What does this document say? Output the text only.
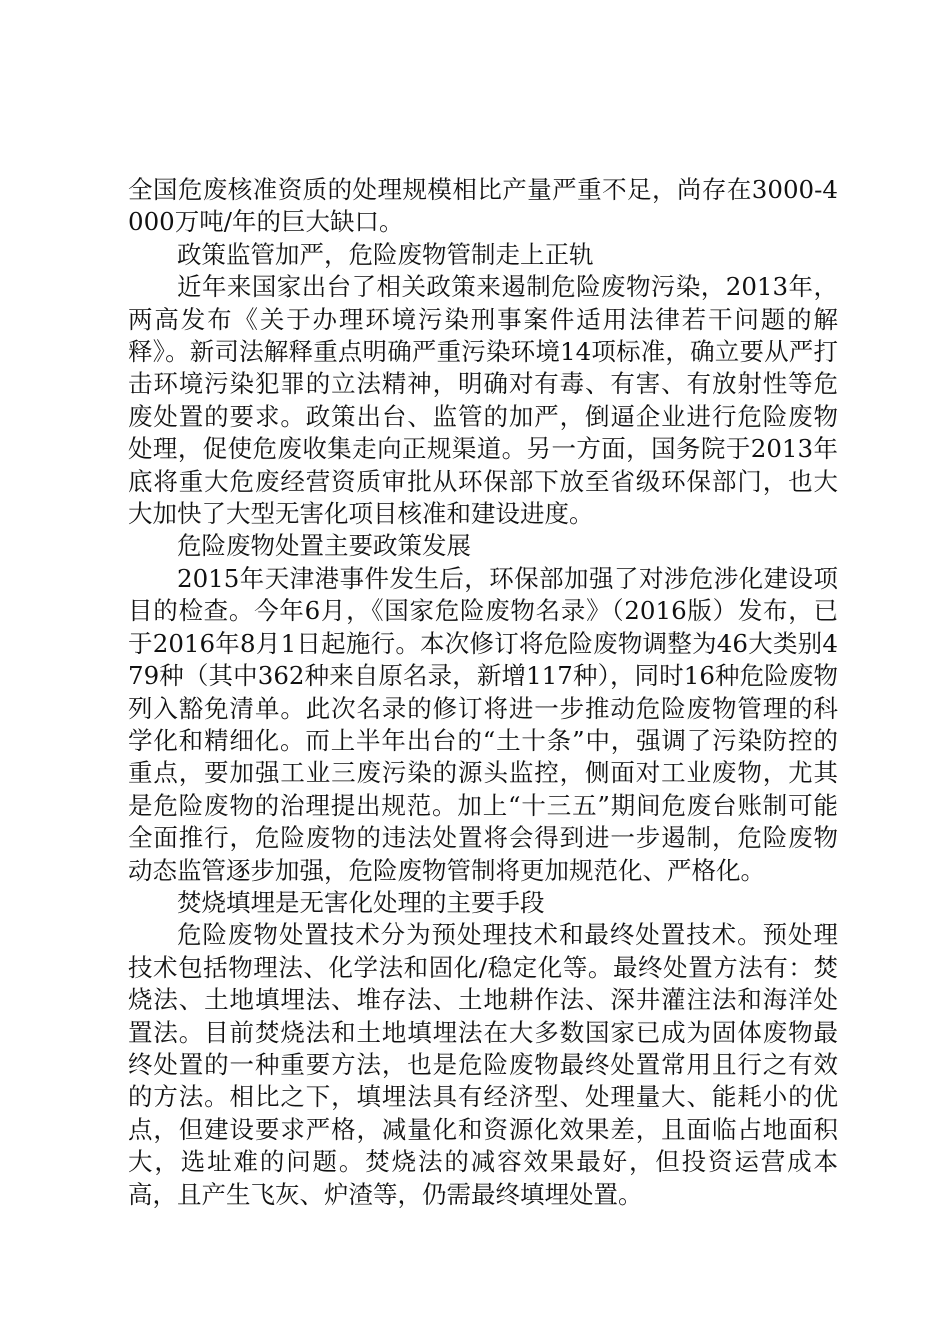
全国危废核准资质的处理规模相比产量严重不足，尚存在3000-4000万吨/年的巨大缺口。

政策监管加严，危险废物管制走上正轨

近年来国家出台了相关政策来遏制危险废物污染，2013年，两高发布《关于办理环境污染刑事案件适用法律若干问题的解释》。新司法解释重点明确严重污染环境14项标准，确立要从严打击环境污染犯罪的立法精神，明确对有毒、有害、有放射性等危废处置的要求。政策出台、监管的加严，倒逼企业进行危险废物处理，促使危废收集走向正规渠道。另一方面，国务院于2013年底将重大危废经营资质审批从环保部下放至省级环保部门，也大大加快了大型无害化项目核准和建设进度。

危险废物处置主要政策发展

2015年天津港事件发生后，环保部加强了对涉危涉化建设项目的检查。今年6月，《国家危险废物名录》（2016版）发布，已于2016年8月1日起施行。本次修订将危险废物调整为46大类别479种（其中362种来自原名录，新增117种），同时16种危险废物列入豁免清单。此次名录的修订将进一步推动危险废物管理的科学化和精细化。而上半年出台的“土十条”中，强调了污染防控的重点，要加强工业三废污染的源头监控，侧面对工业废物，尤其是危险废物的治理提出规范。加上“十三五”期间危废台账制可能全面推行，危险废物的违法处置将会得到进一步遏制，危险废物动态监管逐步加强，危险废物管制将更加规范化、严格化。

焚烧填埋是无害化处理的主要手段

危险废物处置技术分为预处理技术和最终处置技术。预处理技术包括物理法、化学法和固化/稳定化等。最终处置方法有：焚烧法、土地填埋法、堆存法、土地耕作法、深井灌注法和海洋处置法。目前焚烧法和土地填埋法在大多数国家已成为固体废物最终处置的一种重要方法，也是危险废物最终处置常用且行之有效的方法。相比之下，填埋法具有经济型、处理量大、能耗小的优点，但建设要求严格，减量化和资源化效果差，且面临占地面积大，选址难的问题。焚烧法的减容效果最好，但投资运营成本高，且产生飞灰、炉渣等，仍需最终填埋处置。
